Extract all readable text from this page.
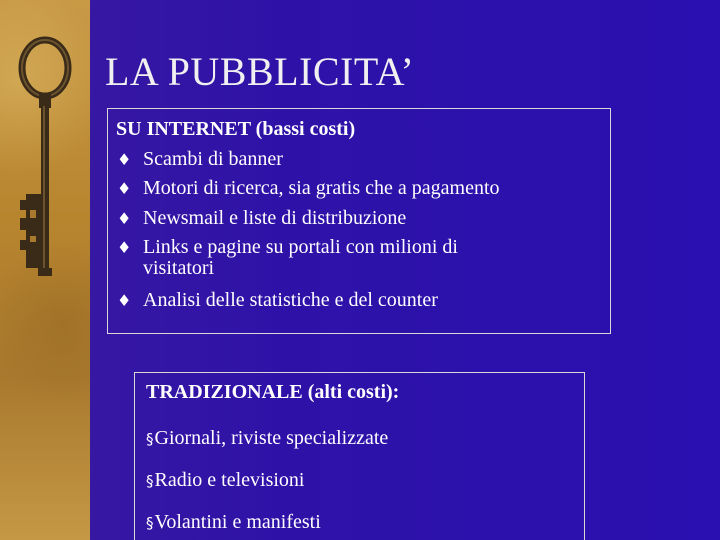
LA PUBBLICITA’
SU INTERNET (bassi costi)
♦ Scambi di banner
♦ Motori di ricerca, sia gratis che a pagamento
♦ Newsmail e liste di distribuzione
♦ Links e pagine su portali con milioni di
visitatori
♦ Analisi delle statistiche e del counter
TRADIZIONALE (alti costi):
§Giornali, riviste specializzate
§Radio e televisioni
§Volantini e manifesti
